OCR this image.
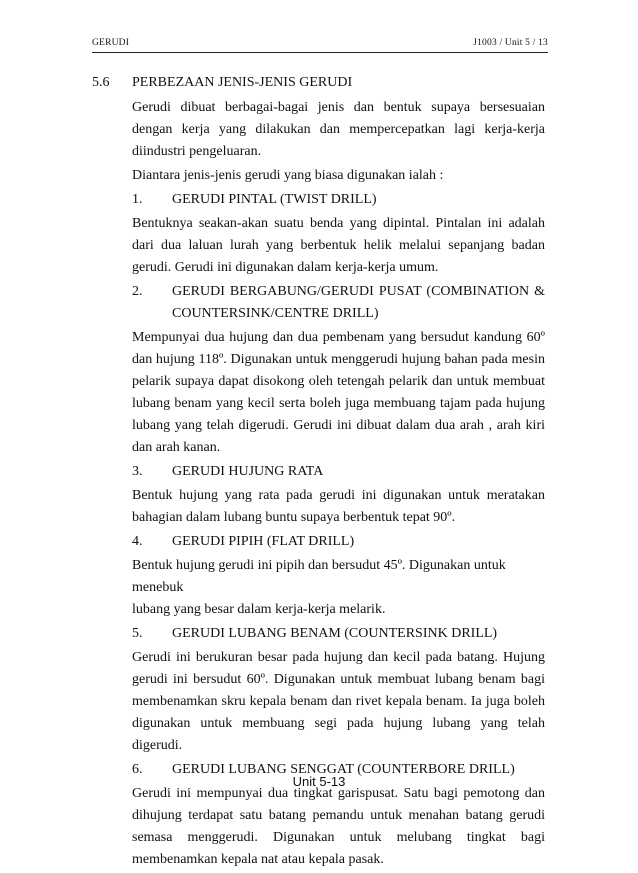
GERUDI	J1003 / Unit 5 / 13
5.6 PERBEZAAN JENIS-JENIS GERUDI

Gerudi dibuat berbagai-bagai jenis dan bentuk supaya bersesuaian dengan kerja yang dilakukan dan mempercepatkan lagi kerja-kerja diindustri pengeluaran.

Diantara jenis-jenis gerudi yang biasa digunakan ialah :

1.	GERUDI PINTAL (TWIST DRILL)

Bentuknya seakan-akan suatu benda yang dipintal. Pintalan ini adalah dari dua laluan lurah yang berbentuk helik melalui sepanjang badan gerudi. Gerudi ini digunakan dalam kerja-kerja umum.

2.	GERUDI BERGABUNG/GERUDI PUSAT (COMBINATION &

COUNTERSINK/CENTRE DRILL)

Mempunyai dua hujung dan dua pembenam yang bersudut kandung 60º dan hujung 118º. Digunakan untuk menggerudi hujung bahan pada mesin pelarik supaya dapat disokong oleh tetengah pelarik dan untuk membuat lubang benam yang kecil serta boleh juga membuang tajam pada hujung lubang yang telah digerudi. Gerudi ini dibuat dalam dua arah , arah kiri dan arah kanan.

3.	GERUDI HUJUNG RATA

Bentuk hujung yang rata pada gerudi ini digunakan untuk meratakan bahagian dalam lubang buntu supaya berbentuk tepat 90º.

4.	GERUDI PIPIH (FLAT DRILL)

Bentuk hujung gerudi ini pipih dan bersudut 45º. Digunakan untuk menebuk

lubang yang besar dalam kerja-kerja melarik.

5.	GERUDI LUBANG BENAM (COUNTERSINK DRILL)

Gerudi ini berukuran besar pada hujung dan kecil pada batang. Hujung gerudi ini bersudut 60º. Digunakan untuk membuat lubang benam bagi membenamkan skru kepala benam dan rivet kepala benam. Ia juga boleh digunakan untuk membuang segi pada hujung lubang yang telah digerudi.

6.	GERUDI LUBANG SENGGAT (COUNTERBORE DRILL)

Gerudi ini mempunyai dua tingkat garispusat. Satu bagi pemotong dan dihujung terdapat satu batang pemandu untuk menahan batang gerudi semasa menggerudi. Digunakan untuk melubang tingkat bagi membenamkan kepala nat atau kepala pasak.

Unit 5-13
